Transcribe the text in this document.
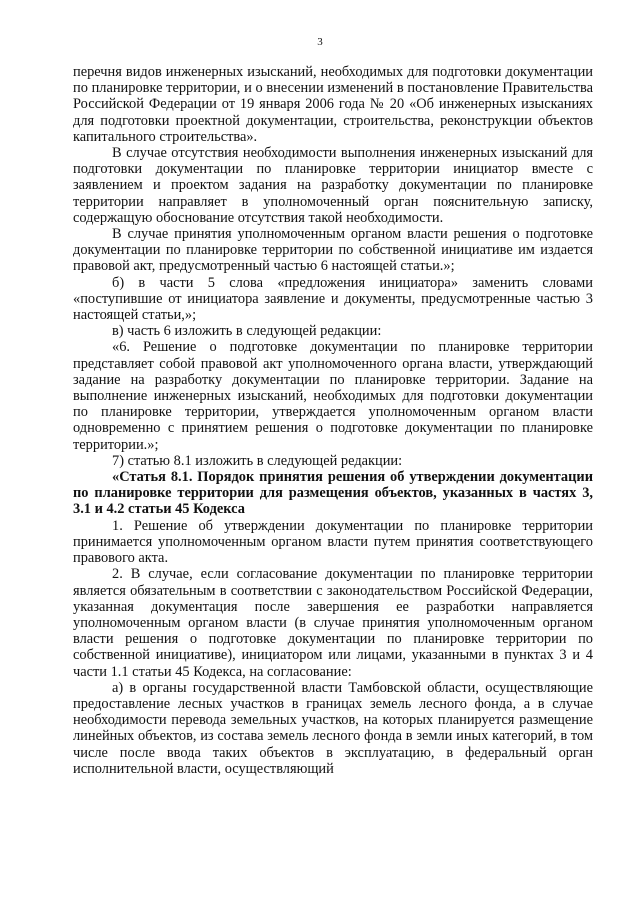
3

перечня видов инженерных изысканий, необходимых для подготовки документации по планировке территории, и о внесении изменений в постановление Правительства Российской Федерации от 19 января 2006 года № 20 «Об инженерных изысканиях для подготовки проектной документации, строительства, реконструкции объектов капитального строительства».

В случае отсутствия необходимости выполнения инженерных изысканий для подготовки документации по планировке территории инициатор вместе с заявлением и проектом задания на разработку документации по планировке территории направляет в уполномоченный орган пояснительную записку, содержащую обоснование отсутствия такой необходимости.

В случае принятия уполномоченным органом власти решения о подготовке документации по планировке территории по собственной инициативе им издается правовой акт, предусмотренный частью 6 настоящей статьи.»;

б) в части 5 слова «предложения инициатора» заменить словами «поступившие от инициатора заявление и документы, предусмотренные частью 3 настоящей статьи,»;

в) часть 6 изложить в следующей редакции:

«6. Решение о подготовке документации по планировке территории представляет собой правовой акт уполномоченного органа власти, утверждающий задание на разработку документации по планировке территории. Задание на выполнение инженерных изысканий, необходимых для подготовки документации по планировке территории, утверждается уполномоченным органом власти одновременно с принятием решения о подготовке документации по планировке территории.»;

7) статью 8.1 изложить в следующей редакции:

«Статья 8.1. Порядок принятия решения об утверждении документации по планировке территории для размещения объектов, указанных в частях 3, 3.1 и 4.2 статьи 45 Кодекса

1. Решение об утверждении документации по планировке территории принимается уполномоченным органом власти путем принятия соответствующего правового акта.

2. В случае, если согласование документации по планировке территории является обязательным в соответствии с законодательством Российской Федерации, указанная документация после завершения ее разработки направляется уполномоченным органом власти (в случае принятия уполномоченным органом власти решения о подготовке документации по планировке территории по собственной инициативе), инициатором или лицами, указанными в пунктах 3 и 4 части 1.1 статьи 45 Кодекса, на согласование:

а) в органы государственной власти Тамбовской области, осуществляющие предоставление лесных участков в границах земель лесного фонда, а в случае необходимости перевода земельных участков, на которых планируется размещение линейных объектов, из состава земель лесного фонда в земли иных категорий, в том числе после ввода таких объектов в эксплуатацию, в федеральный орган исполнительной власти, осуществляющий
